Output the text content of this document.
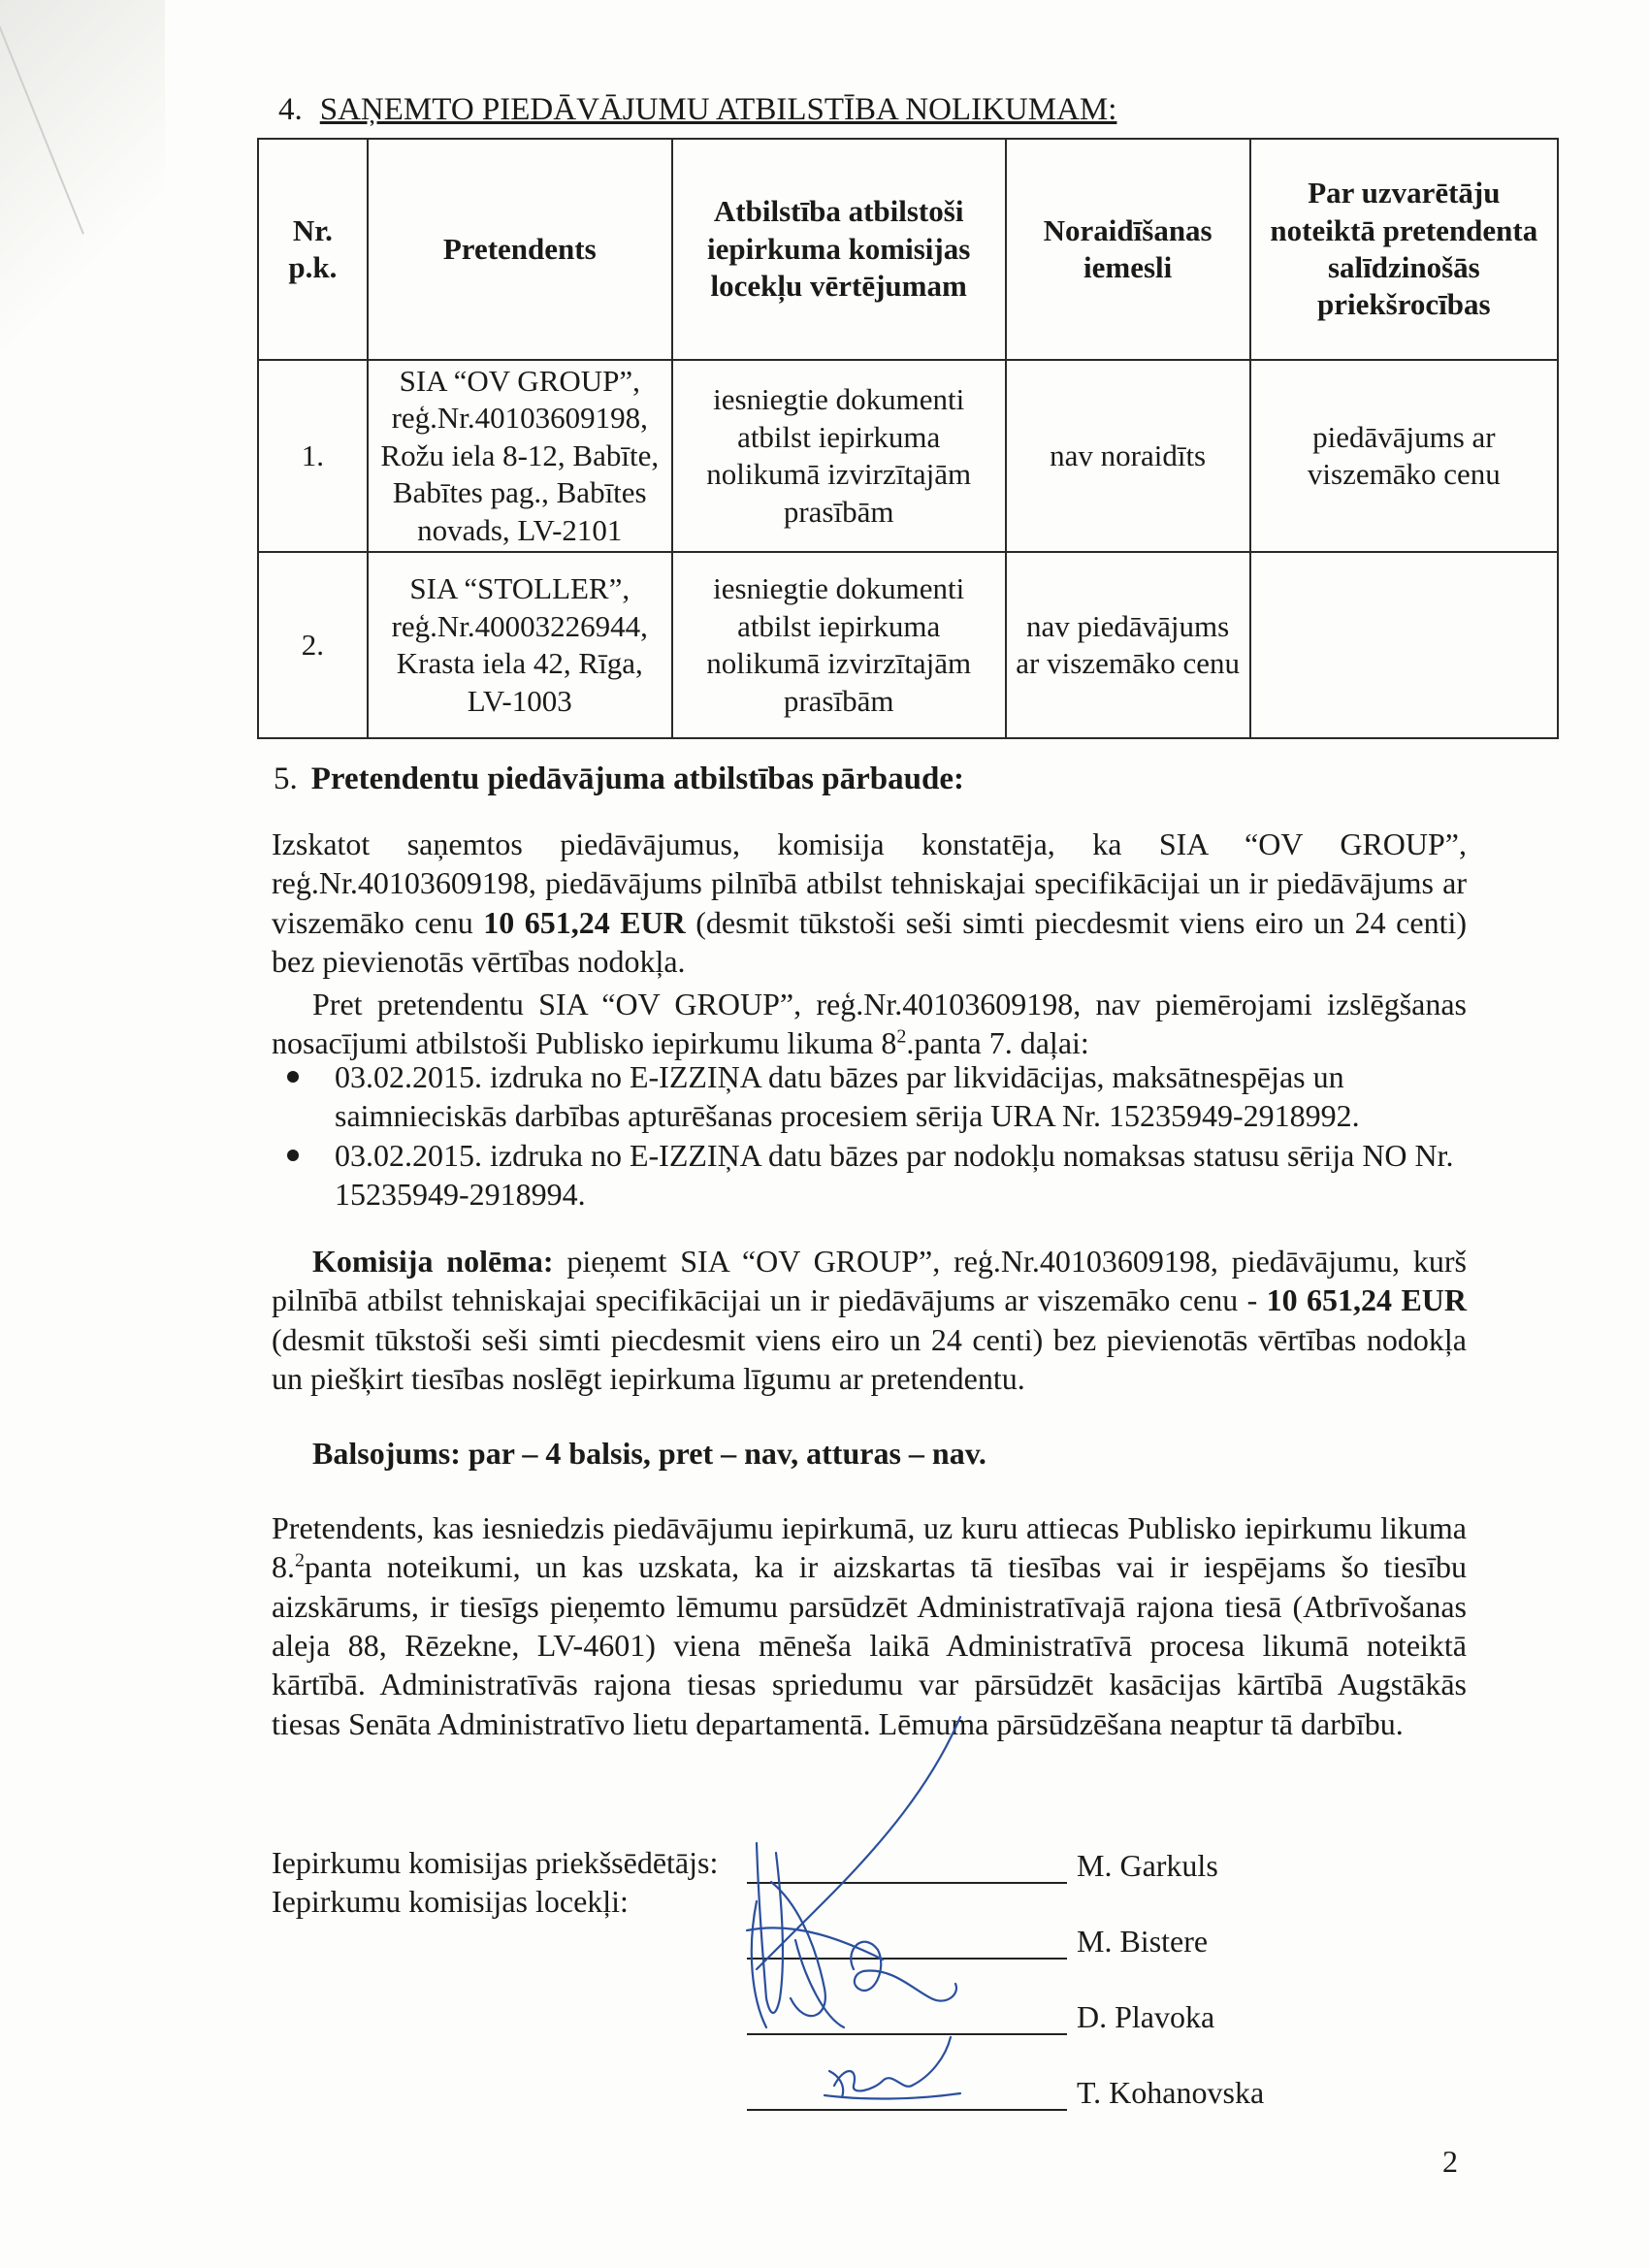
4. SAŅEMTO PIEDĀVĀJUMU ATBILSTĪBA NOLIKUMAM:
Nr. p.k.	Pretendents	Atbilstība atbilstoši iepirkuma komisijas locekļu vērtējumam	Noraidīšanas iemesli	Par uzvarētāju noteiktā pretendenta salīdzinošās priekšrocības
1.	SIA “OV GROUP”, reģ.Nr.40103609198, Rožu iela 8-12, Babīte, Babītes pag., Babītes novads, LV-2101	iesniegtie dokumenti atbilst iepirkuma nolikumā izvirzītajām prasībām	nav noraidīts	piedāvājums ar viszemāko cenu
2.	SIA “STOLLER”, reģ.Nr.40003226944, Krasta iela 42, Rīga, LV-1003	iesniegtie dokumenti atbilst iepirkuma nolikumā izvirzītajām prasībām	nav piedāvājums ar viszemāko cenu	
5. Pretendentu piedāvājuma atbilstības pārbaude:
Izskatot saņemtos piedāvājumus, komisija konstatēja, ka SIA “OV GROUP”, reģ.Nr.40103609198, piedāvājums pilnībā atbilst tehniskajai specifikācijai un ir piedāvājums ar viszemāko cenu 10 651,24 EUR (desmit tūkstoši seši simti piecdesmit viens eiro un 24 centi) bez pievienotās vērtības nodokļa.
Pret pretendentu SIA “OV GROUP”, reģ.Nr.40103609198, nav piemērojami izslēgšanas nosacījumi atbilstoši Publisko iepirkumu likuma $8^2.panta$ 7. daļai:
03.02.2015. izdruka no E-IZZIŅA datu bāzes par likvidācijas, maksātnespējas un saimnieciskās darbības apturēšanas procesiem sērija URA Nr. 15235949-2918992.
03.02.2015. izdruka no E-IZZIŅA datu bāzes par nodokļu nomaksas statusu sērija NO Nr. 15235949-2918994.
Komisija nolēma: pieņemt SIA “OV GROUP”, reģ.Nr.40103609198, piedāvājumu, kurš pilnībā atbilst tehniskajai specifikācijai un ir piedāvājums ar viszemāko cenu - 10 651,24 EUR (desmit tūkstoši seši simti piecdesmit viens eiro un 24 centi) bez pievienotās vērtības nodokļa un piešķirt tiesības noslēgt iepirkuma līgumu ar pretendentu.
Balsojums: par – 4 balsis, pret – nav, atturas – nav.
Pretendents, kas iesniedzis piedāvājumu iepirkumā, uz kuru attiecas Publisko iepirkumu likuma 8.$^2$panta noteikumi, un kas uzskata, ka ir aizskartas tā tiesības vai ir iespējams šo tiesību aizskārums, ir tiesīgs pieņemto lēmumu parsūdzēt Administratīvajā rajona tiesā (Atbrīvošanas aleja 88, Rēzekne, LV-4601) viena mēneša laikā Administratīvā procesa likumā noteiktā kārtībā. Administratīvās rajona tiesas spriedumu var pārsūdzēt kasācijas kārtībā Augstākās tiesas Senāta Administratīvo lietu departamentā. Lēmuma pārsūdzēšana neaptur tā darbību.
Iepirkumu komisijas priekšsēdētājs:
Iepirkumu komisijas locekļi:
M. Garkuls
M. Bistere
D. Plavoka
T. Kohanovska
2
